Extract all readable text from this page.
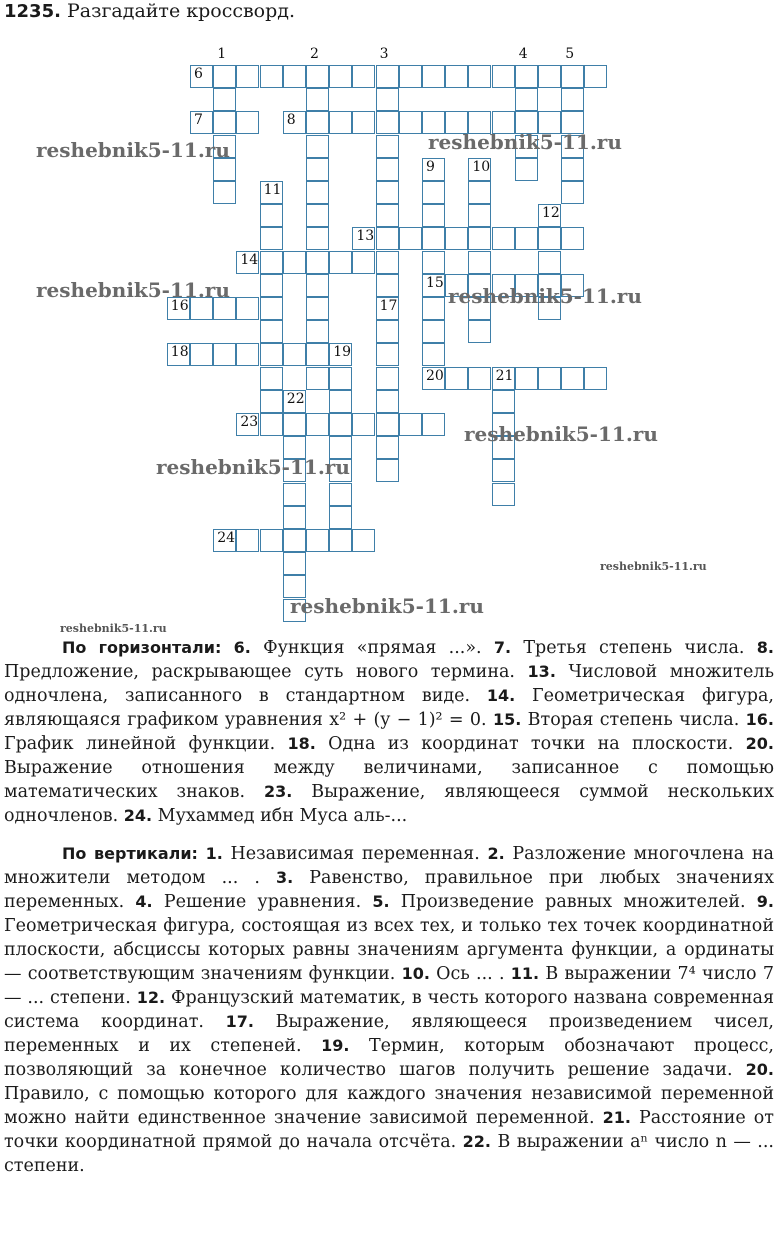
1235. Разгадайте кроссворд.
1	2	3	4	5
6
7	8
9	10
11
12
13
14
15
16	17
18	19
20	21
22
23
24
reshebnik5-11.ru	reshebnik5-11.ru
reshebnik5-11.ru	reshebnik5-11.ru
reshebnik5-11.ru
reshebnik5-11.ru
reshebnik5-11.ru
reshebnik5-11.ru
reshebnik5-11.ru

По горизонтали: 6. Функция «прямая ...». 7. Третья степень числа. 8. Предложение, раскрывающее суть нового термина. 13. Числовой множитель одночлена, записанного в стандартном виде. 14. Геометрическая фигура, являющаяся графиком уравнения x² + (y − 1)² = 0. 15. Вторая степень числа. 16. График линейной функции. 18. Одна из координат точки на плоскости. 20. Выражение отношения между величинами, записанное с помощью математических знаков. 23. Выражение, являющееся суммой нескольких одночленов. 24. Мухаммед ибн Муса аль-...

По вертикали: 1. Независимая переменная. 2. Разложение многочлена на множители методом ... . 3. Равенство, правильное при любых значениях переменных. 4. Решение уравнения. 5. Произведение равных множителей. 9. Геометрическая фигура, состоящая из всех тех, и только тех точек координатной плоскости, абсциссы которых равны значениям аргумента функции, а ординаты — соответствующим значениям функции. 10. Ось ... . 11. В выражении 7⁴ число 7 — ... степени. 12. Французский математик, в честь которого названа современная система координат. 17. Выражение, являющееся произведением чисел, переменных и их степеней. 19. Термин, которым обозначают процесс, позволяющий за конечное количество шагов получить решение задачи. 20. Правило, с помощью которого для каждого значения независимой переменной можно найти единственное значение зависимой переменной. 21. Расстояние от точки координатной прямой до начала отсчёта. 22. В выражении aⁿ число n — ... степени.
